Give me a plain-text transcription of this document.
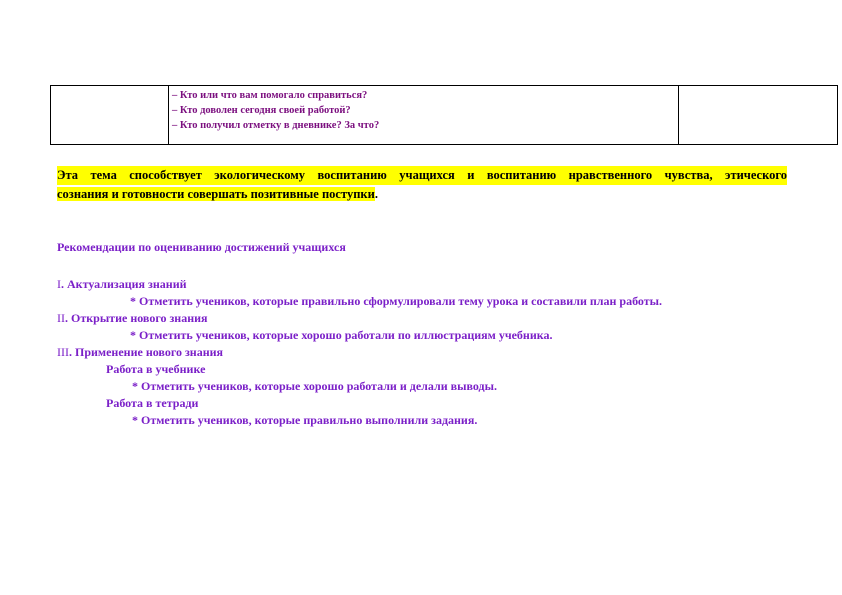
– Кто или что вам помогало справиться?
– Кто доволен сегодня своей работой?
– Кто получил отметку в дневнике? За что?

Эта тема способствует экологическому воспитанию учащихся и воспитанию нравственного чувства, этического
сознания и готовности совершать позитивные поступки.
Рекомендации по оцениванию достижений учащихся
I. Актуализация знаний
* Отметить учеников, которые правильно сформулировали тему урока и составили план работы.
II. Открытие нового знания
* Отметить учеников, которые хорошо работали по иллюстрациям учебника.
III. Применение нового знания
Работа в учебнике
* Отметить учеников, которые хорошо работали и делали выводы.
Работа в тетради
* Отметить учеников, которые правильно выполнили задания.
